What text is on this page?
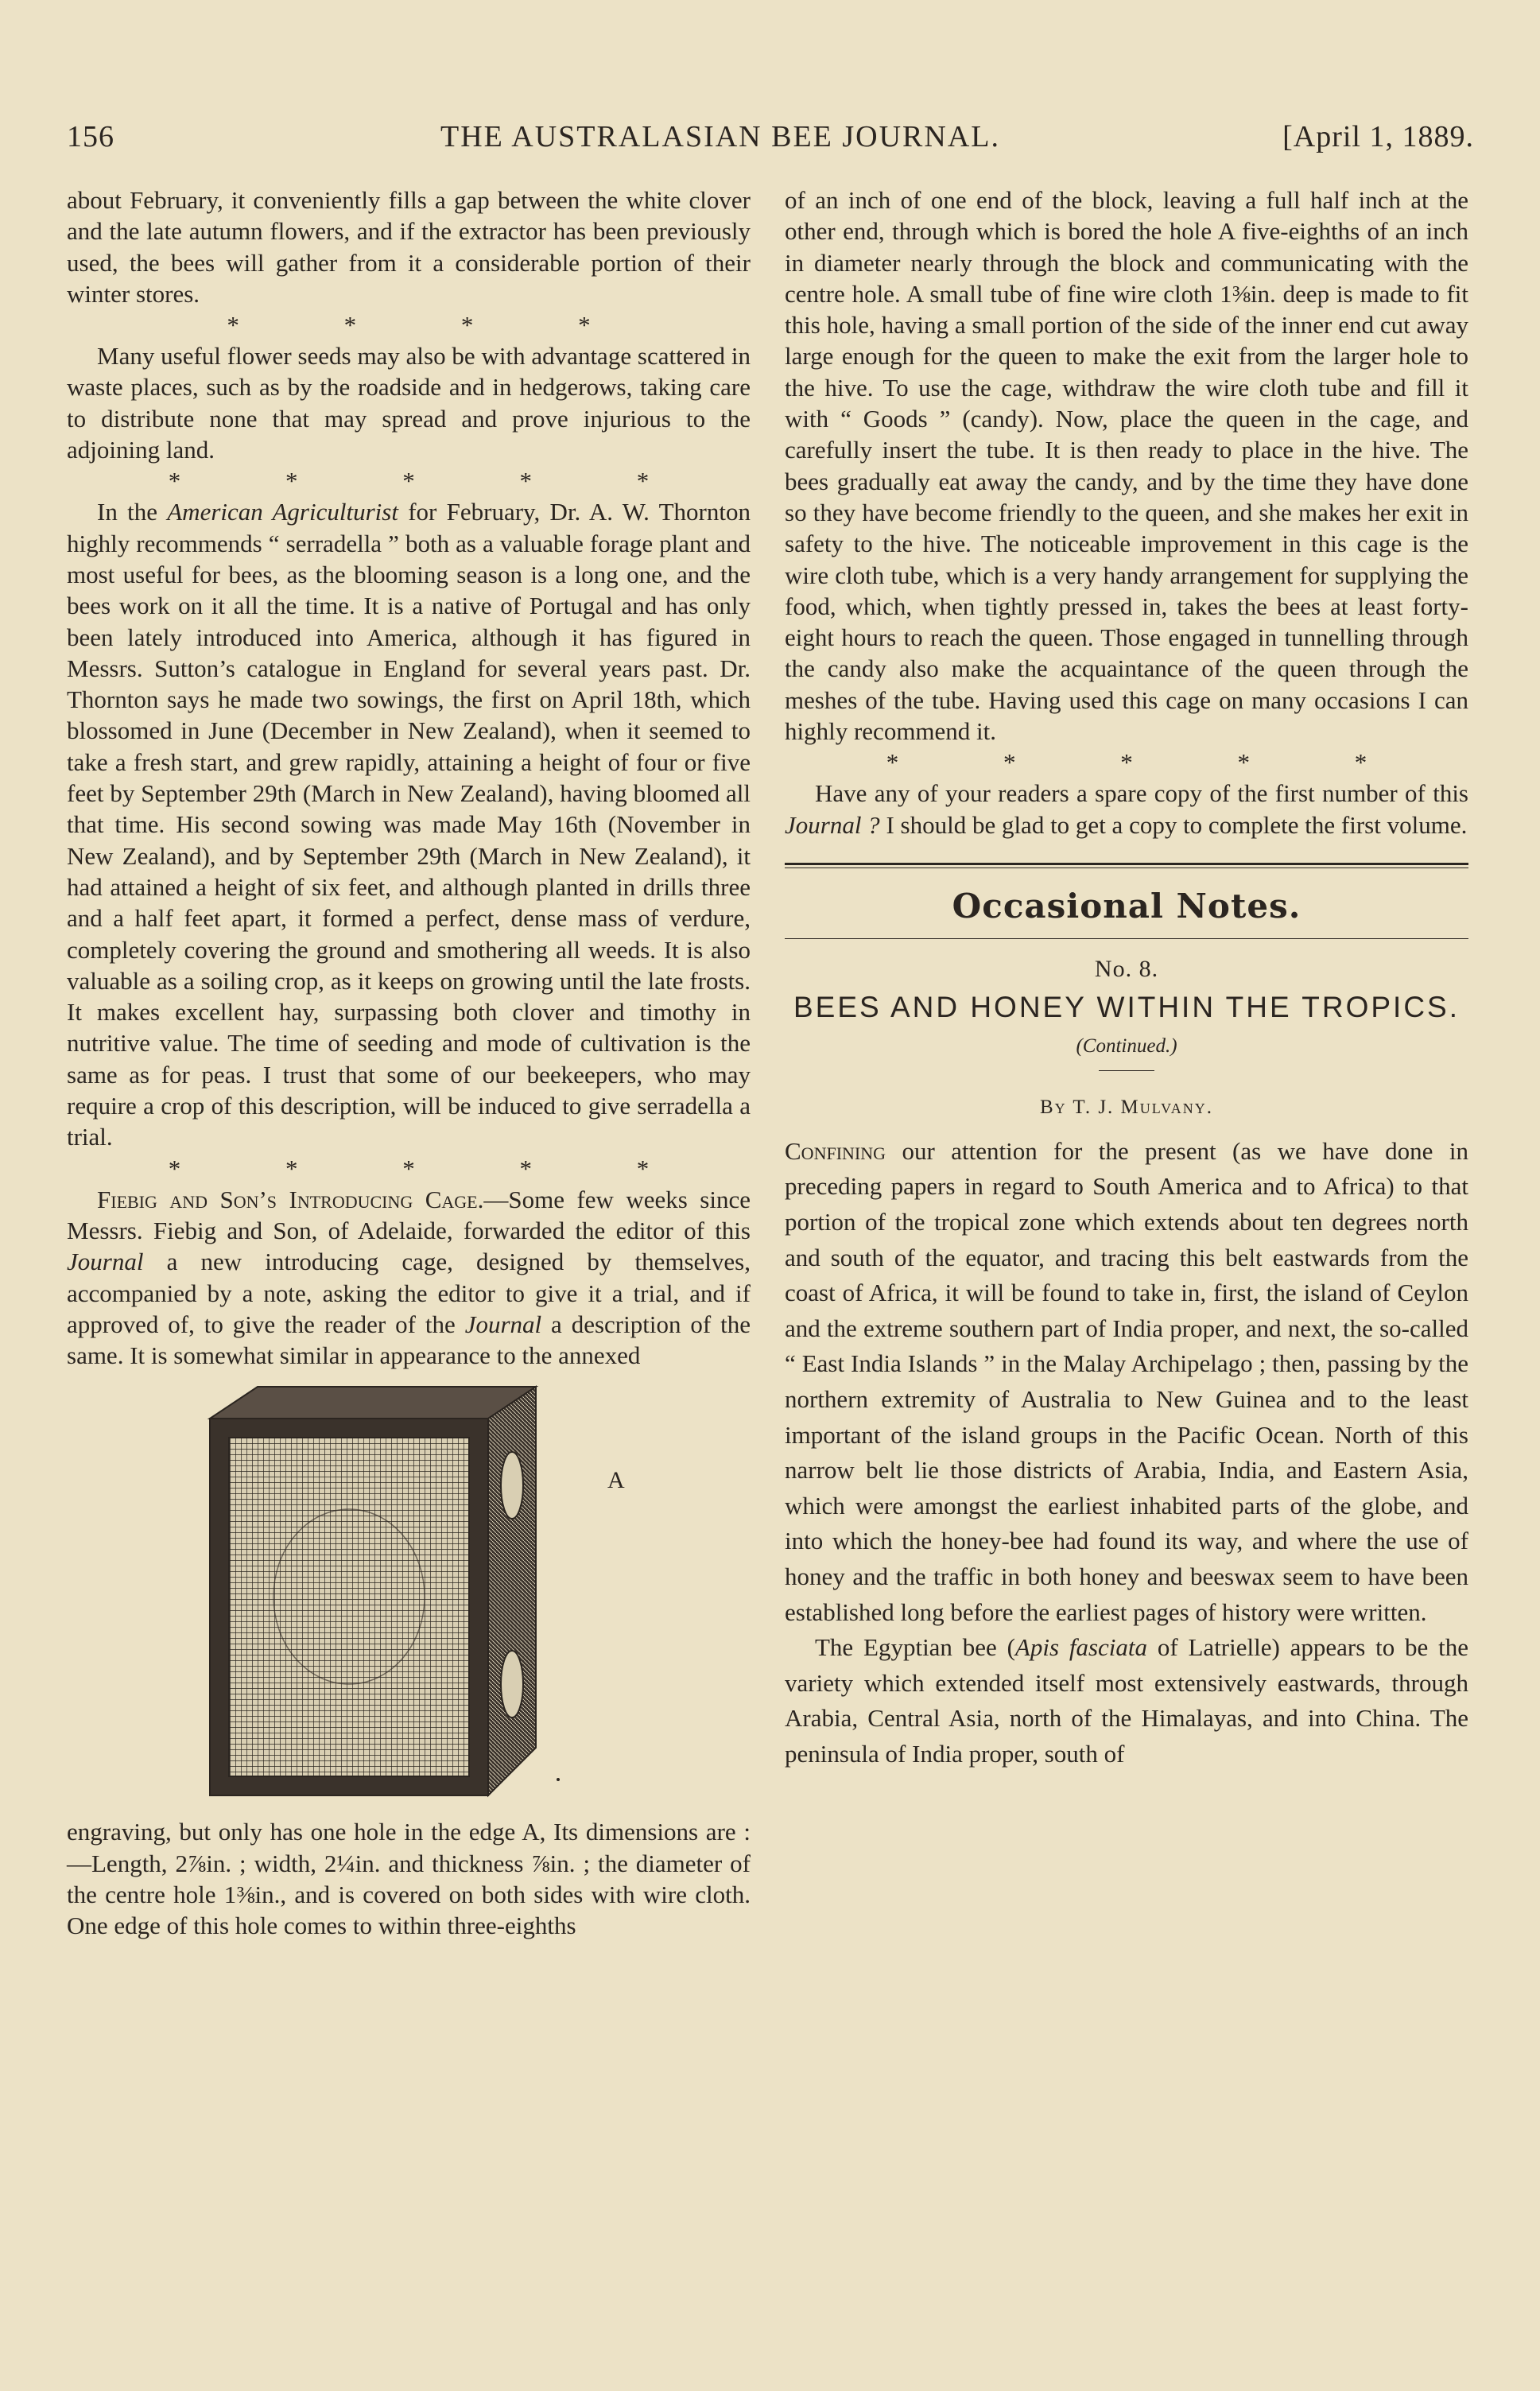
156	THE AUSTRALASIAN BEE JOURNAL.	[April 1, 1889.

about February, it conveniently fills a gap between the white clover and the late autumn flowers, and if the extractor has been previously used, the bees will gather from it a considerable portion of their winter stores.

* * * *

Many useful flower seeds may also be with advantage scattered in waste places, such as by the roadside and in hedgerows, taking care to distribute none that may spread and prove injurious to the adjoining land.

* * * * *

In the American Agriculturist for February, Dr. A. W. Thornton highly recommends “ serradella ” both as a valuable forage plant and most useful for bees, as the blooming season is a long one, and the bees work on it all the time. It is a native of Portugal and has only been lately introduced into America, although it has figured in Messrs. Sutton’s catalogue in England for several years past. Dr. Thornton says he made two sowings, the first on April 18th, which blossomed in June (December in New Zealand), when it seemed to take a fresh start, and grew rapidly, attaining a height of four or five feet by September 29th (March in New Zealand), having bloomed all that time. His second sowing was made May 16th (November in New Zealand), and by September 29th (March in New Zealand), it had attained a height of six feet, and although planted in drills three and a half feet apart, it formed a perfect, dense mass of verdure, completely covering the ground and smothering all weeds. It is also valuable as a soiling crop, as it keeps on growing until the late frosts. It makes excellent hay, surpassing both clover and timothy in nutritive value. The time of seeding and mode of cultivation is the same as for peas. I trust that some of our beekeepers, who may require a crop of this description, will be induced to give serradella a trial.

* * * * *

Fiebig and Son’s Introducing Cage.—Some few weeks since Messrs. Fiebig and Son, of Adelaide, forwarded the editor of this Journal a new introducing cage, designed by themselves, accompanied by a note, asking the editor to give it a trial, and if approved of, to give the reader of the Journal a description of the same. It is somewhat similar in appearance to the annexed

A

engraving, but only has one hole in the edge A, Its dimensions are :—Length, 2⅞in. ; width, 2¼in. and thickness ⅞in. ; the diameter of the centre hole 1⅜in., and is covered on both sides with wire cloth. One edge of this hole comes to within three-eighths

of an inch of one end of the block, leaving a full half inch at the other end, through which is bored the hole A five-eighths of an inch in diameter nearly through the block and communicating with the centre hole. A small tube of fine wire cloth 1⅜in. deep is made to fit this hole, having a small portion of the side of the inner end cut away large enough for the queen to make the exit from the larger hole to the hive. To use the cage, withdraw the wire cloth tube and fill it with “ Goods ” (candy). Now, place the queen in the cage, and carefully insert the tube. It is then ready to place in the hive. The bees gradually eat away the candy, and by the time they have done so they have become friendly to the queen, and she makes her exit in safety to the hive. The noticeable improvement in this cage is the wire cloth tube, which is a very handy arrangement for supplying the food, which, when tightly pressed in, takes the bees at least forty-eight hours to reach the queen. Those engaged in tunnelling through the candy also make the acquaintance of the queen through the meshes of the tube. Having used this cage on many occasions I can highly recommend it.

* * * * *

Have any of your readers a spare copy of the first number of this Journal ? I should be glad to get a copy to complete the first volume.

Occasional Notes.
No. 8.
BEES AND HONEY WITHIN THE TROPICS.
(Continued.)
By T. J. Mulvany.

Confining our attention for the present (as we have done in preceding papers in regard to South America and to Africa) to that portion of the tropical zone which extends about ten degrees north and south of the equator, and tracing this belt eastwards from the coast of Africa, it will be found to take in, first, the island of Ceylon and the extreme southern part of India proper, and next, the so-called “ East India Islands ” in the Malay Archipelago ; then, passing by the northern extremity of Australia to New Guinea and to the least important of the island groups in the Pacific Ocean. North of this narrow belt lie those districts of Arabia, India, and Eastern Asia, which were amongst the earliest inhabited parts of the globe, and into which the honey-bee had found its way, and where the use of honey and the traffic in both honey and beeswax seem to have been established long before the earliest pages of history were written.

The Egyptian bee (Apis fasciata of Latrielle) appears to be the variety which extended itself most extensively eastwards, through Arabia, Central Asia, north of the Himalayas, and into China. The peninsula of India proper, south of
